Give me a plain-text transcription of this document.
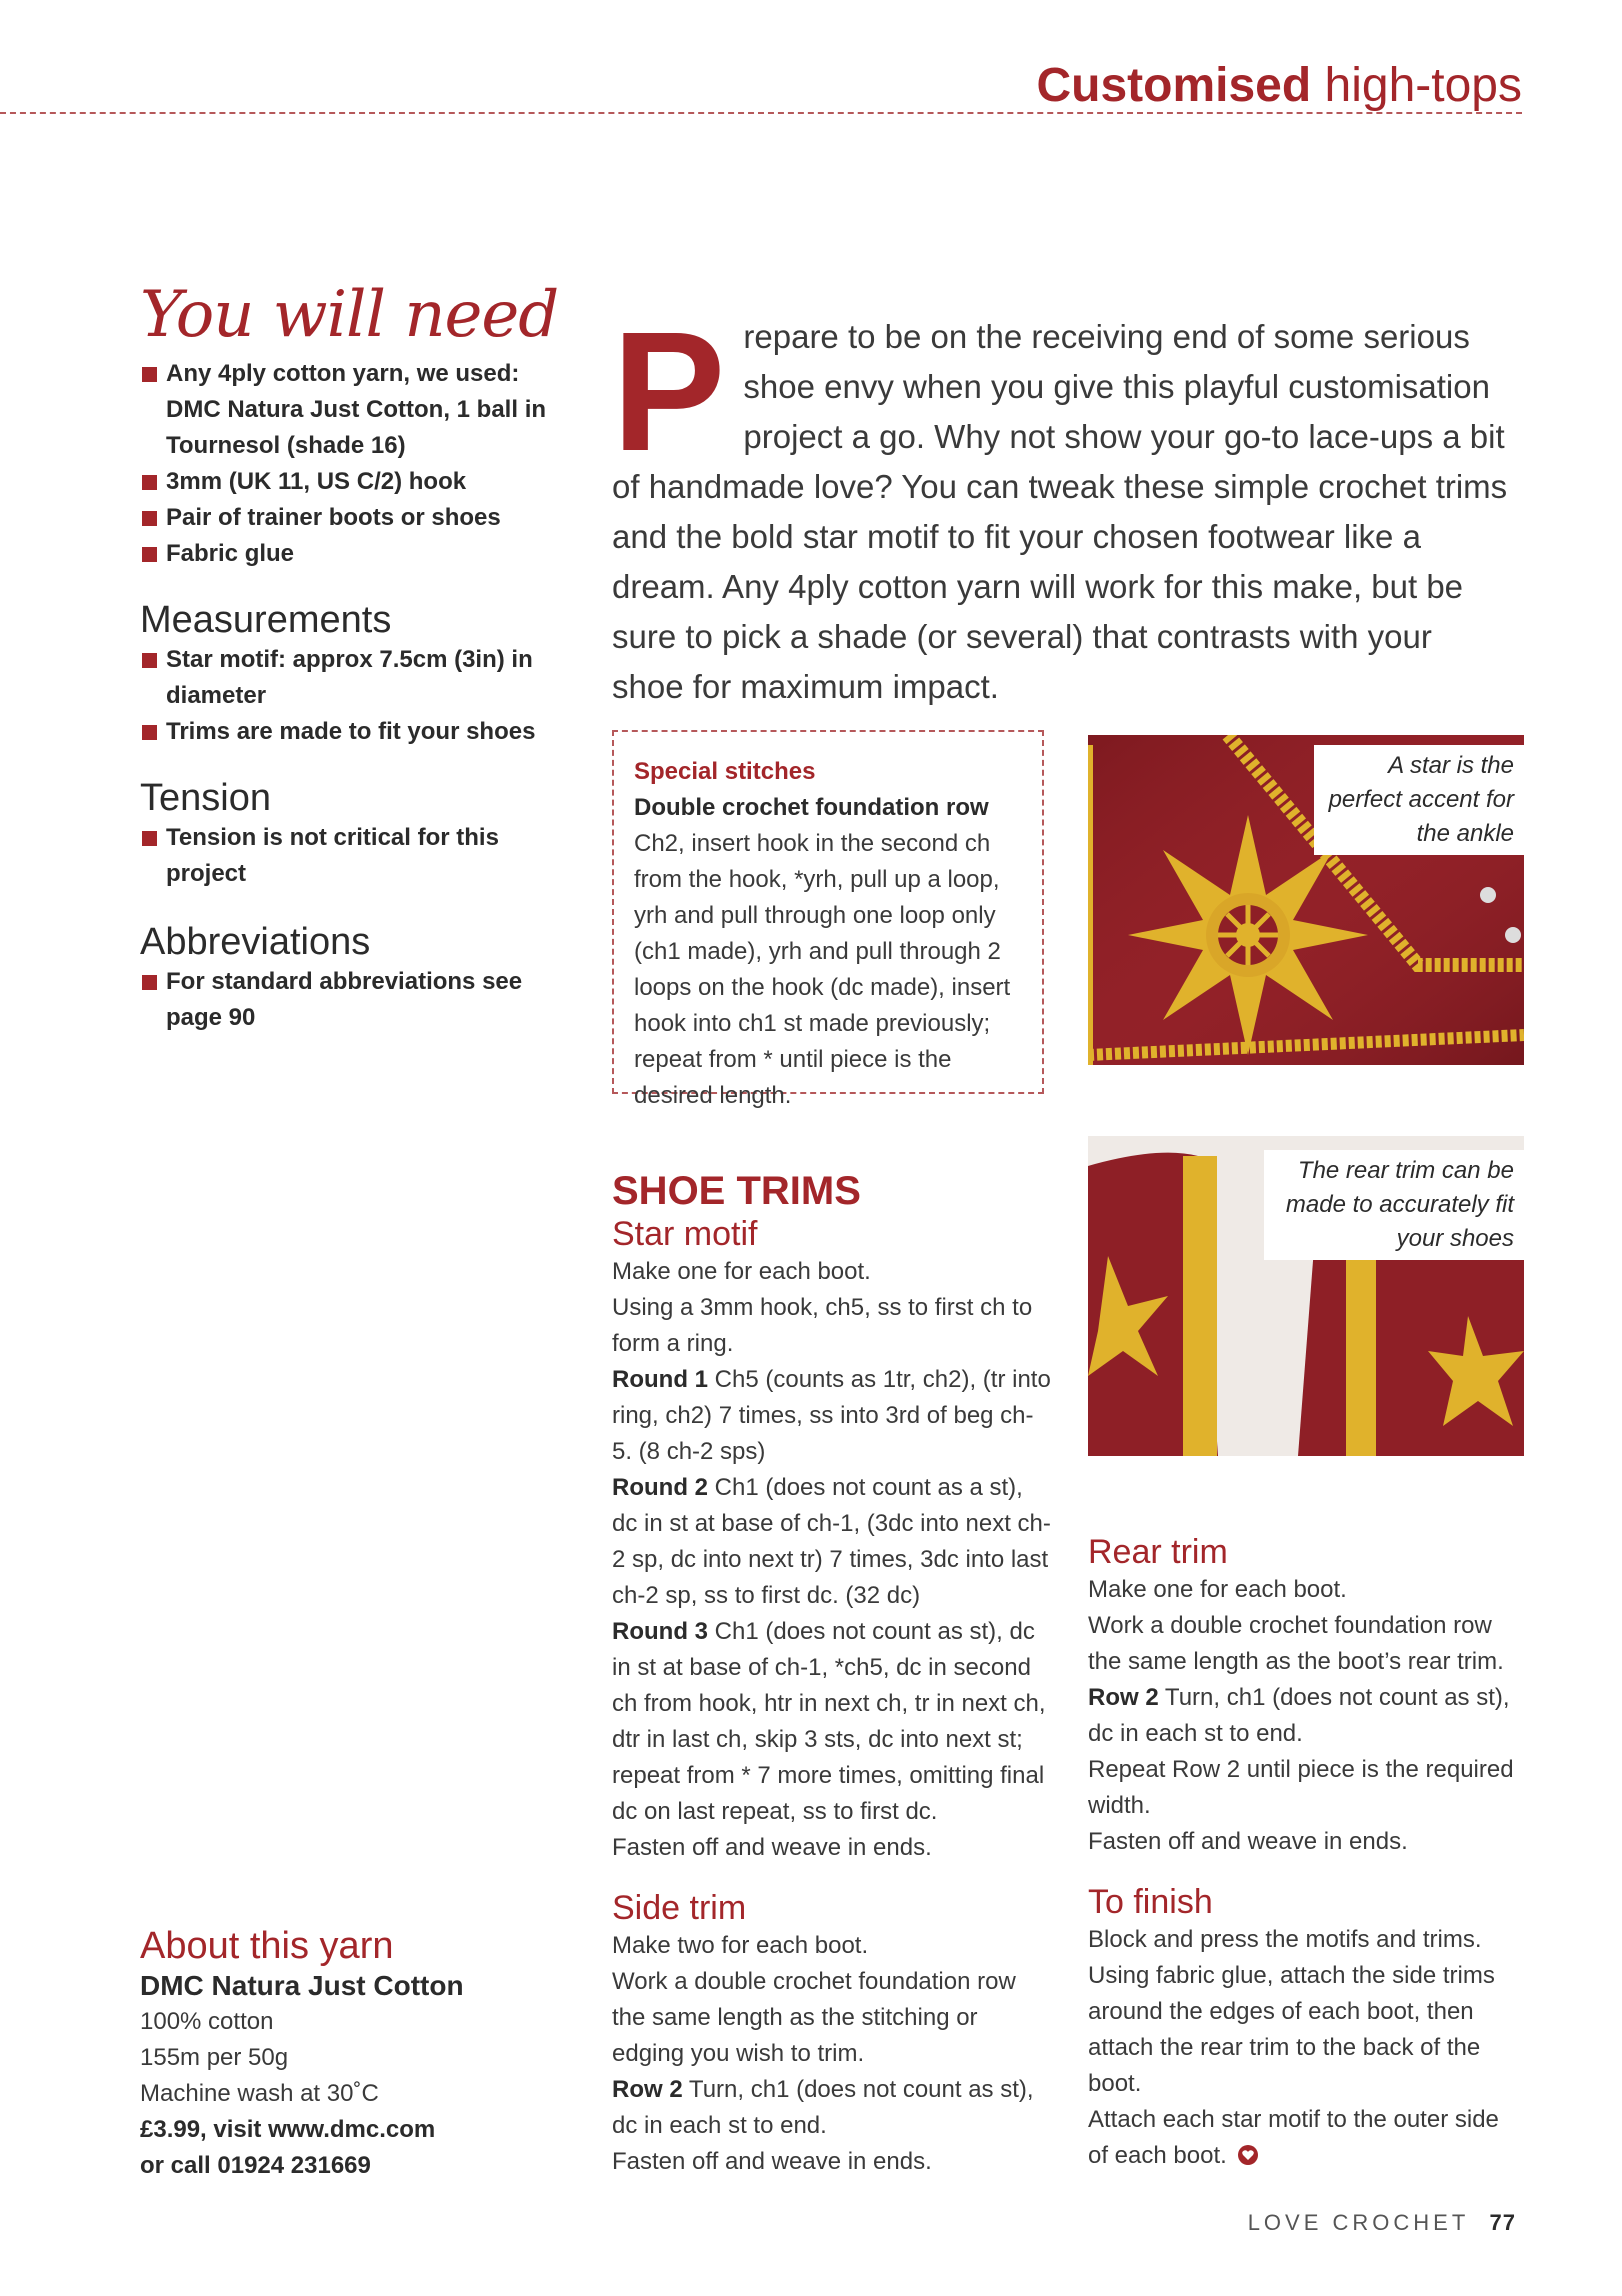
Customised high-tops
You will need
Any 4ply cotton yarn, we used: DMC Natura Just Cotton, 1 ball in Tournesol (shade 16)
3mm (UK 11, US C/2) hook
Pair of trainer boots or shoes
Fabric glue
Measurements
Star motif: approx 7.5cm (3in) in diameter
Trims are made to fit your shoes
Tension
Tension is not critical for this project
Abbreviations
For standard abbreviations see page 90
About this yarn
DMC Natura Just Cotton
100% cotton
155m per 50g
Machine wash at 30˚C
£3.99, visit www.dmc.com
or call 01924 231669
P repare to be on the receiving end of some serious shoe envy when you give this playful customisation project a go. Why not show your go-to lace-ups a bit of handmade love? You can tweak these simple crochet trims and the bold star motif to fit your chosen footwear like a dream. Any 4ply cotton yarn will work for this make, but be sure to pick a shade (or several) that contrasts with your shoe for maximum impact.
Special stitches
Double crochet foundation row Ch2, insert hook in the second ch from the hook, *yrh, pull up a loop, yrh and pull through one loop only (ch1 made), yrh and pull through 2 loops on the hook (dc made), insert hook into ch1 st made previously; repeat from * until piece is the desired length.
A star is the perfect accent for the ankle
The rear trim can be made to accurately fit your shoes
SHOE TRIMS
Star motif
Make one for each boot.
Using a 3mm hook, ch5, ss to first ch to form a ring.
Round 1 Ch5 (counts as 1tr, ch2), (tr into ring, ch2) 7 times, ss into 3rd of beg ch-5. (8 ch-2 sps)
Round 2 Ch1 (does not count as a st), dc in st at base of ch-1, (3dc into next ch-2 sp, dc into next tr) 7 times, 3dc into last ch-2 sp, ss to first dc. (32 dc)
Round 3 Ch1 (does not count as st), dc in st at base of ch-1, *ch5, dc in second ch from hook, htr in next ch, tr in next ch, dtr in last ch, skip 3 sts, dc into next st; repeat from * 7 more times, omitting final dc on last repeat, ss to first dc.
Fasten off and weave in ends.
Side trim
Make two for each boot.
Work a double crochet foundation row the same length as the stitching or edging you wish to trim.
Row 2 Turn, ch1 (does not count as st), dc in each st to end.
Fasten off and weave in ends.
Rear trim
Make one for each boot.
Work a double crochet foundation row the same length as the boot’s rear trim.
Row 2 Turn, ch1 (does not count as st), dc in each st to end.
Repeat Row 2 until piece is the required width.
Fasten off and weave in ends.
To finish
Block and press the motifs and trims.
Using fabric glue, attach the side trims around the edges of each boot, then attach the rear trim to the back of the boot.
Attach each star motif to the outer side of each boot.
LOVE CROCHET 77
